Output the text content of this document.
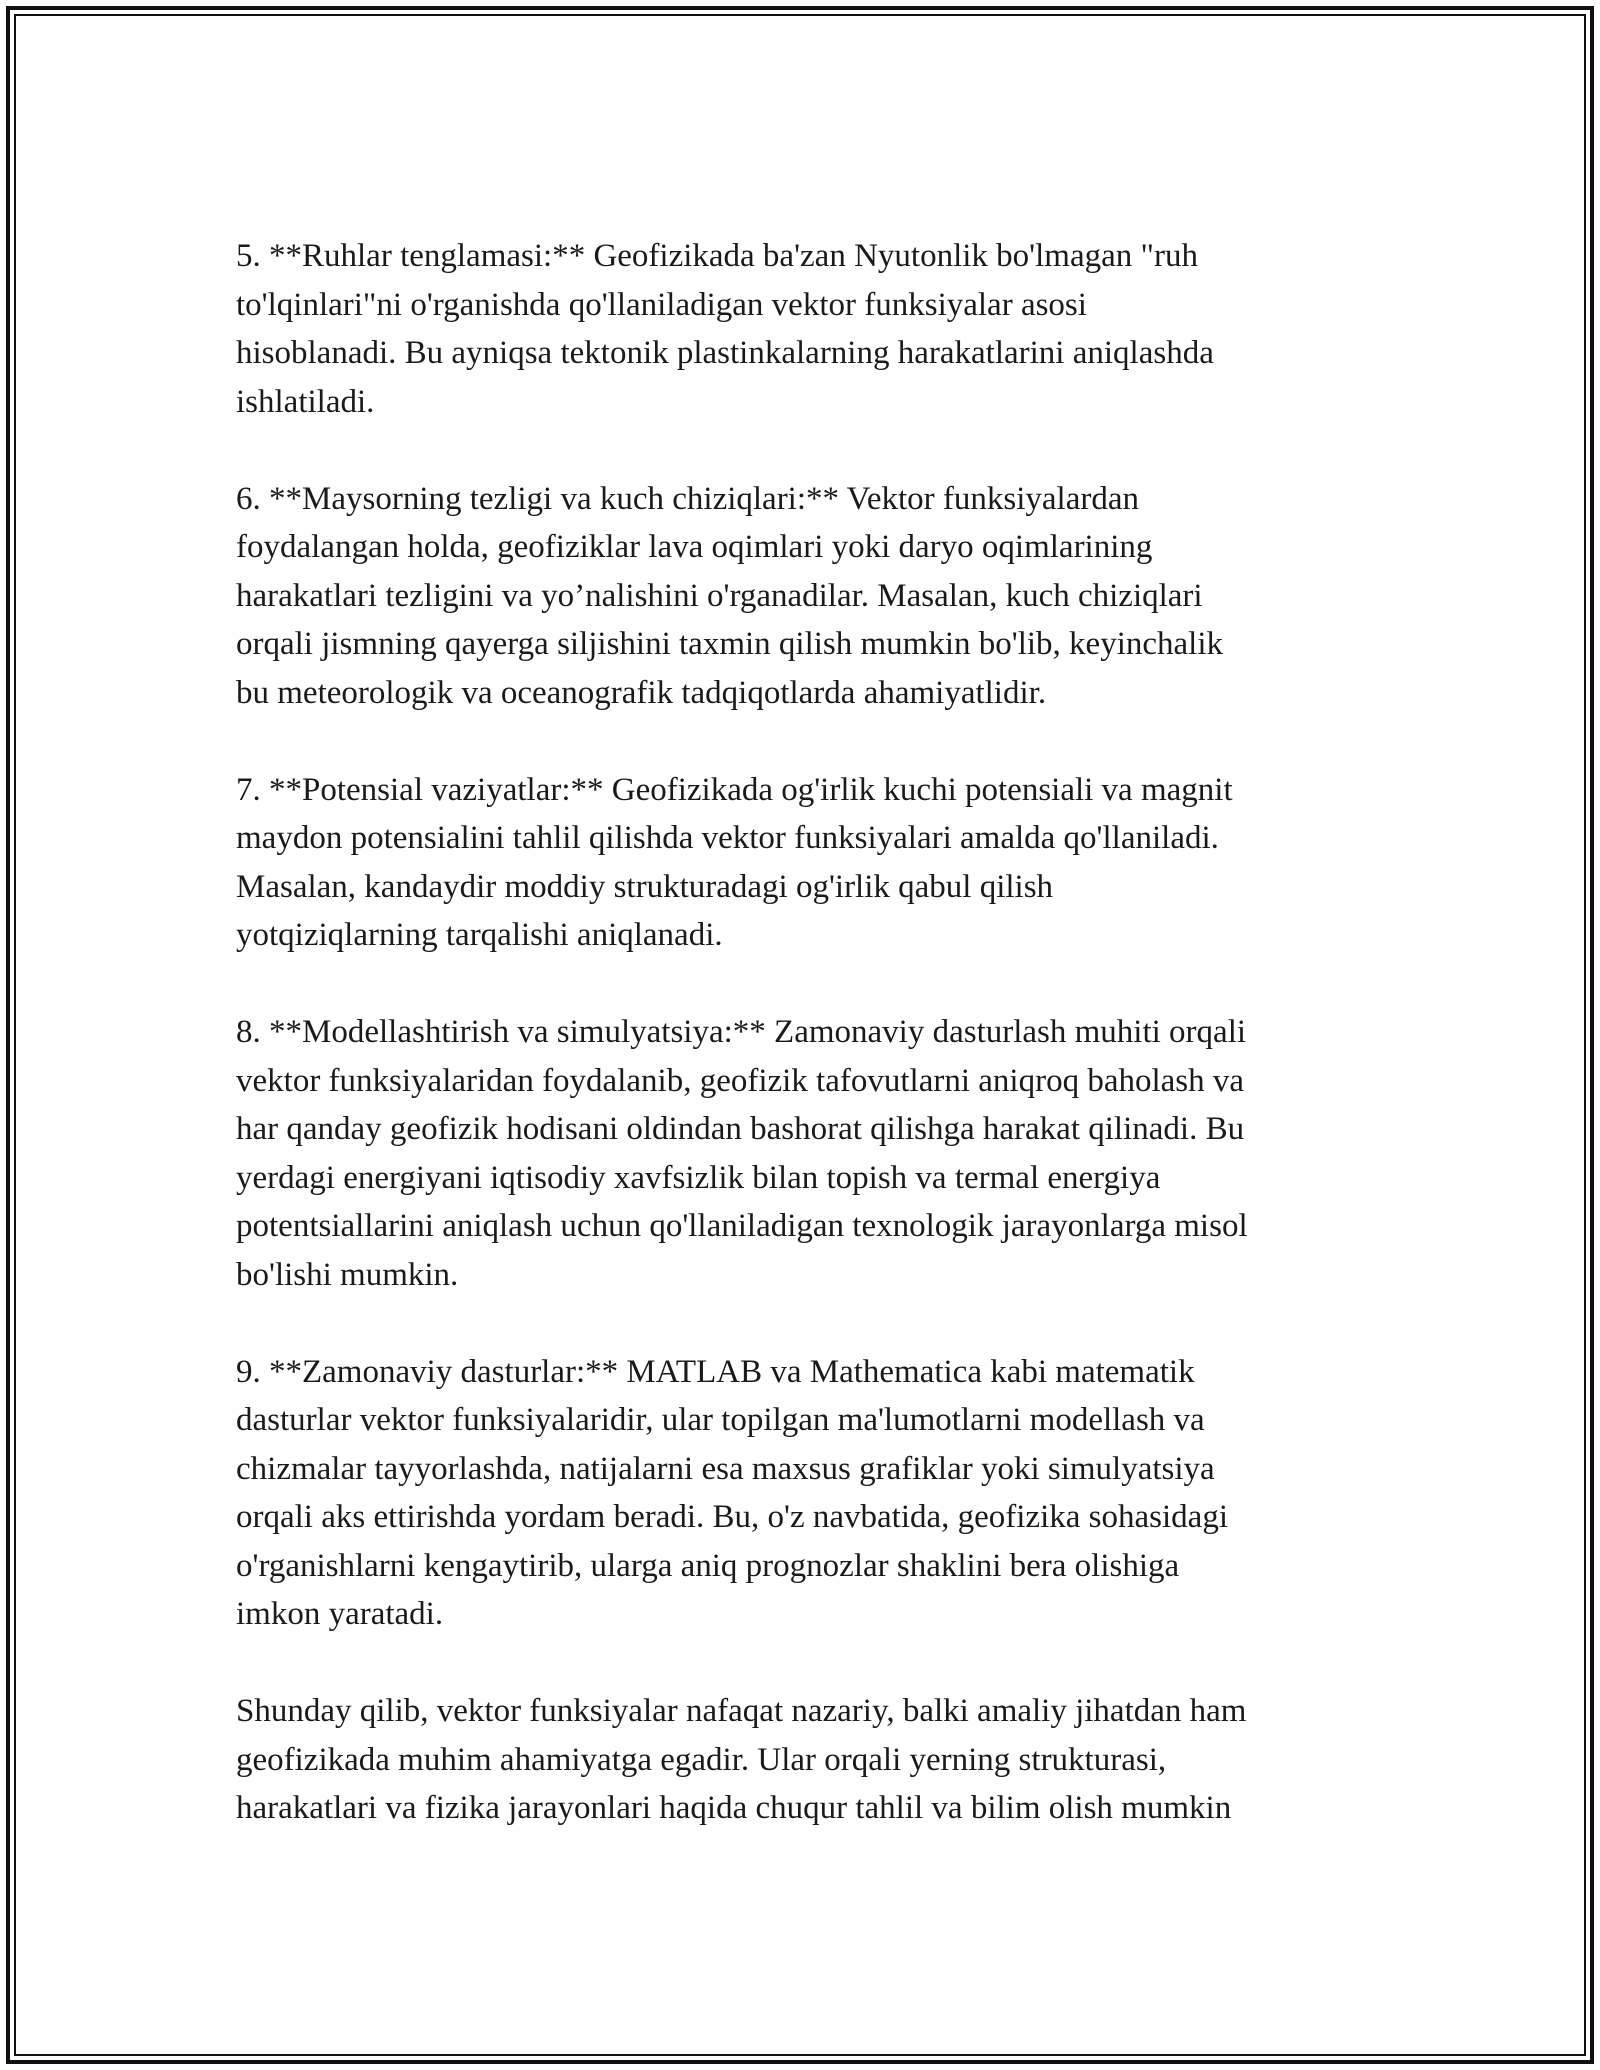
5. **Ruhlar tenglamasi:** Geofizikada ba'zan Nyutonlik bo'lmagan "ruh
to'lqinlari"ni o'rganishda qo'llaniladigan vektor funksiyalar asosi
hisoblanadi. Bu ayniqsa tektonik plastinkalarning harakatlarini aniqlashda
ishlatiladi.

6. **Maysorning tezligi va kuch chiziqlari:** Vektor funksiyalardan
foydalangan holda, geofiziklar lava oqimlari yoki daryo oqimlarining
harakatlari tezligini va yo’nalishini o'rganadilar. Masalan, kuch chiziqlari
orqali jismning qayerga siljishini taxmin qilish mumkin bo'lib, keyinchalik
bu meteorologik va oceanografik tadqiqotlarda ahamiyatlidir.

7. **Potensial vaziyatlar:** Geofizikada og'irlik kuchi potensiali va magnit
maydon potensialini tahlil qilishda vektor funksiyalari amalda qo'llaniladi.
Masalan, kandaydir moddiy strukturadagi og'irlik qabul qilish
yotqiziqlarning tarqalishi aniqlanadi.

8. **Modellashtirish va simulyatsiya:** Zamonaviy dasturlash muhiti orqali
vektor funksiyalaridan foydalanib, geofizik tafovutlarni aniqroq baholash va
har qanday geofizik hodisani oldindan bashorat qilishga harakat qilinadi. Bu
yerdagi energiyani iqtisodiy xavfsizlik bilan topish va termal energiya
potentsiallarini aniqlash uchun qo'llaniladigan texnologik jarayonlarga misol
bo'lishi mumkin.

9. **Zamonaviy dasturlar:** MATLAB va Mathematica kabi matematik
dasturlar vektor funksiyalaridir, ular topilgan ma'lumotlarni modellash va
chizmalar tayyorlashda, natijalarni esa maxsus grafiklar yoki simulyatsiya
orqali aks ettirishda yordam beradi. Bu, o'z navbatida, geofizika sohasidagi
o'rganishlarni kengaytirib, ularga aniq prognozlar shaklini bera olishiga
imkon yaratadi.

Shunday qilib, vektor funksiyalar nafaqat nazariy, balki amaliy jihatdan ham
geofizikada muhim ahamiyatga egadir. Ular orqali yerning strukturasi,
harakatlari va fizika jarayonlari haqida chuqur tahlil va bilim olish mumkin
